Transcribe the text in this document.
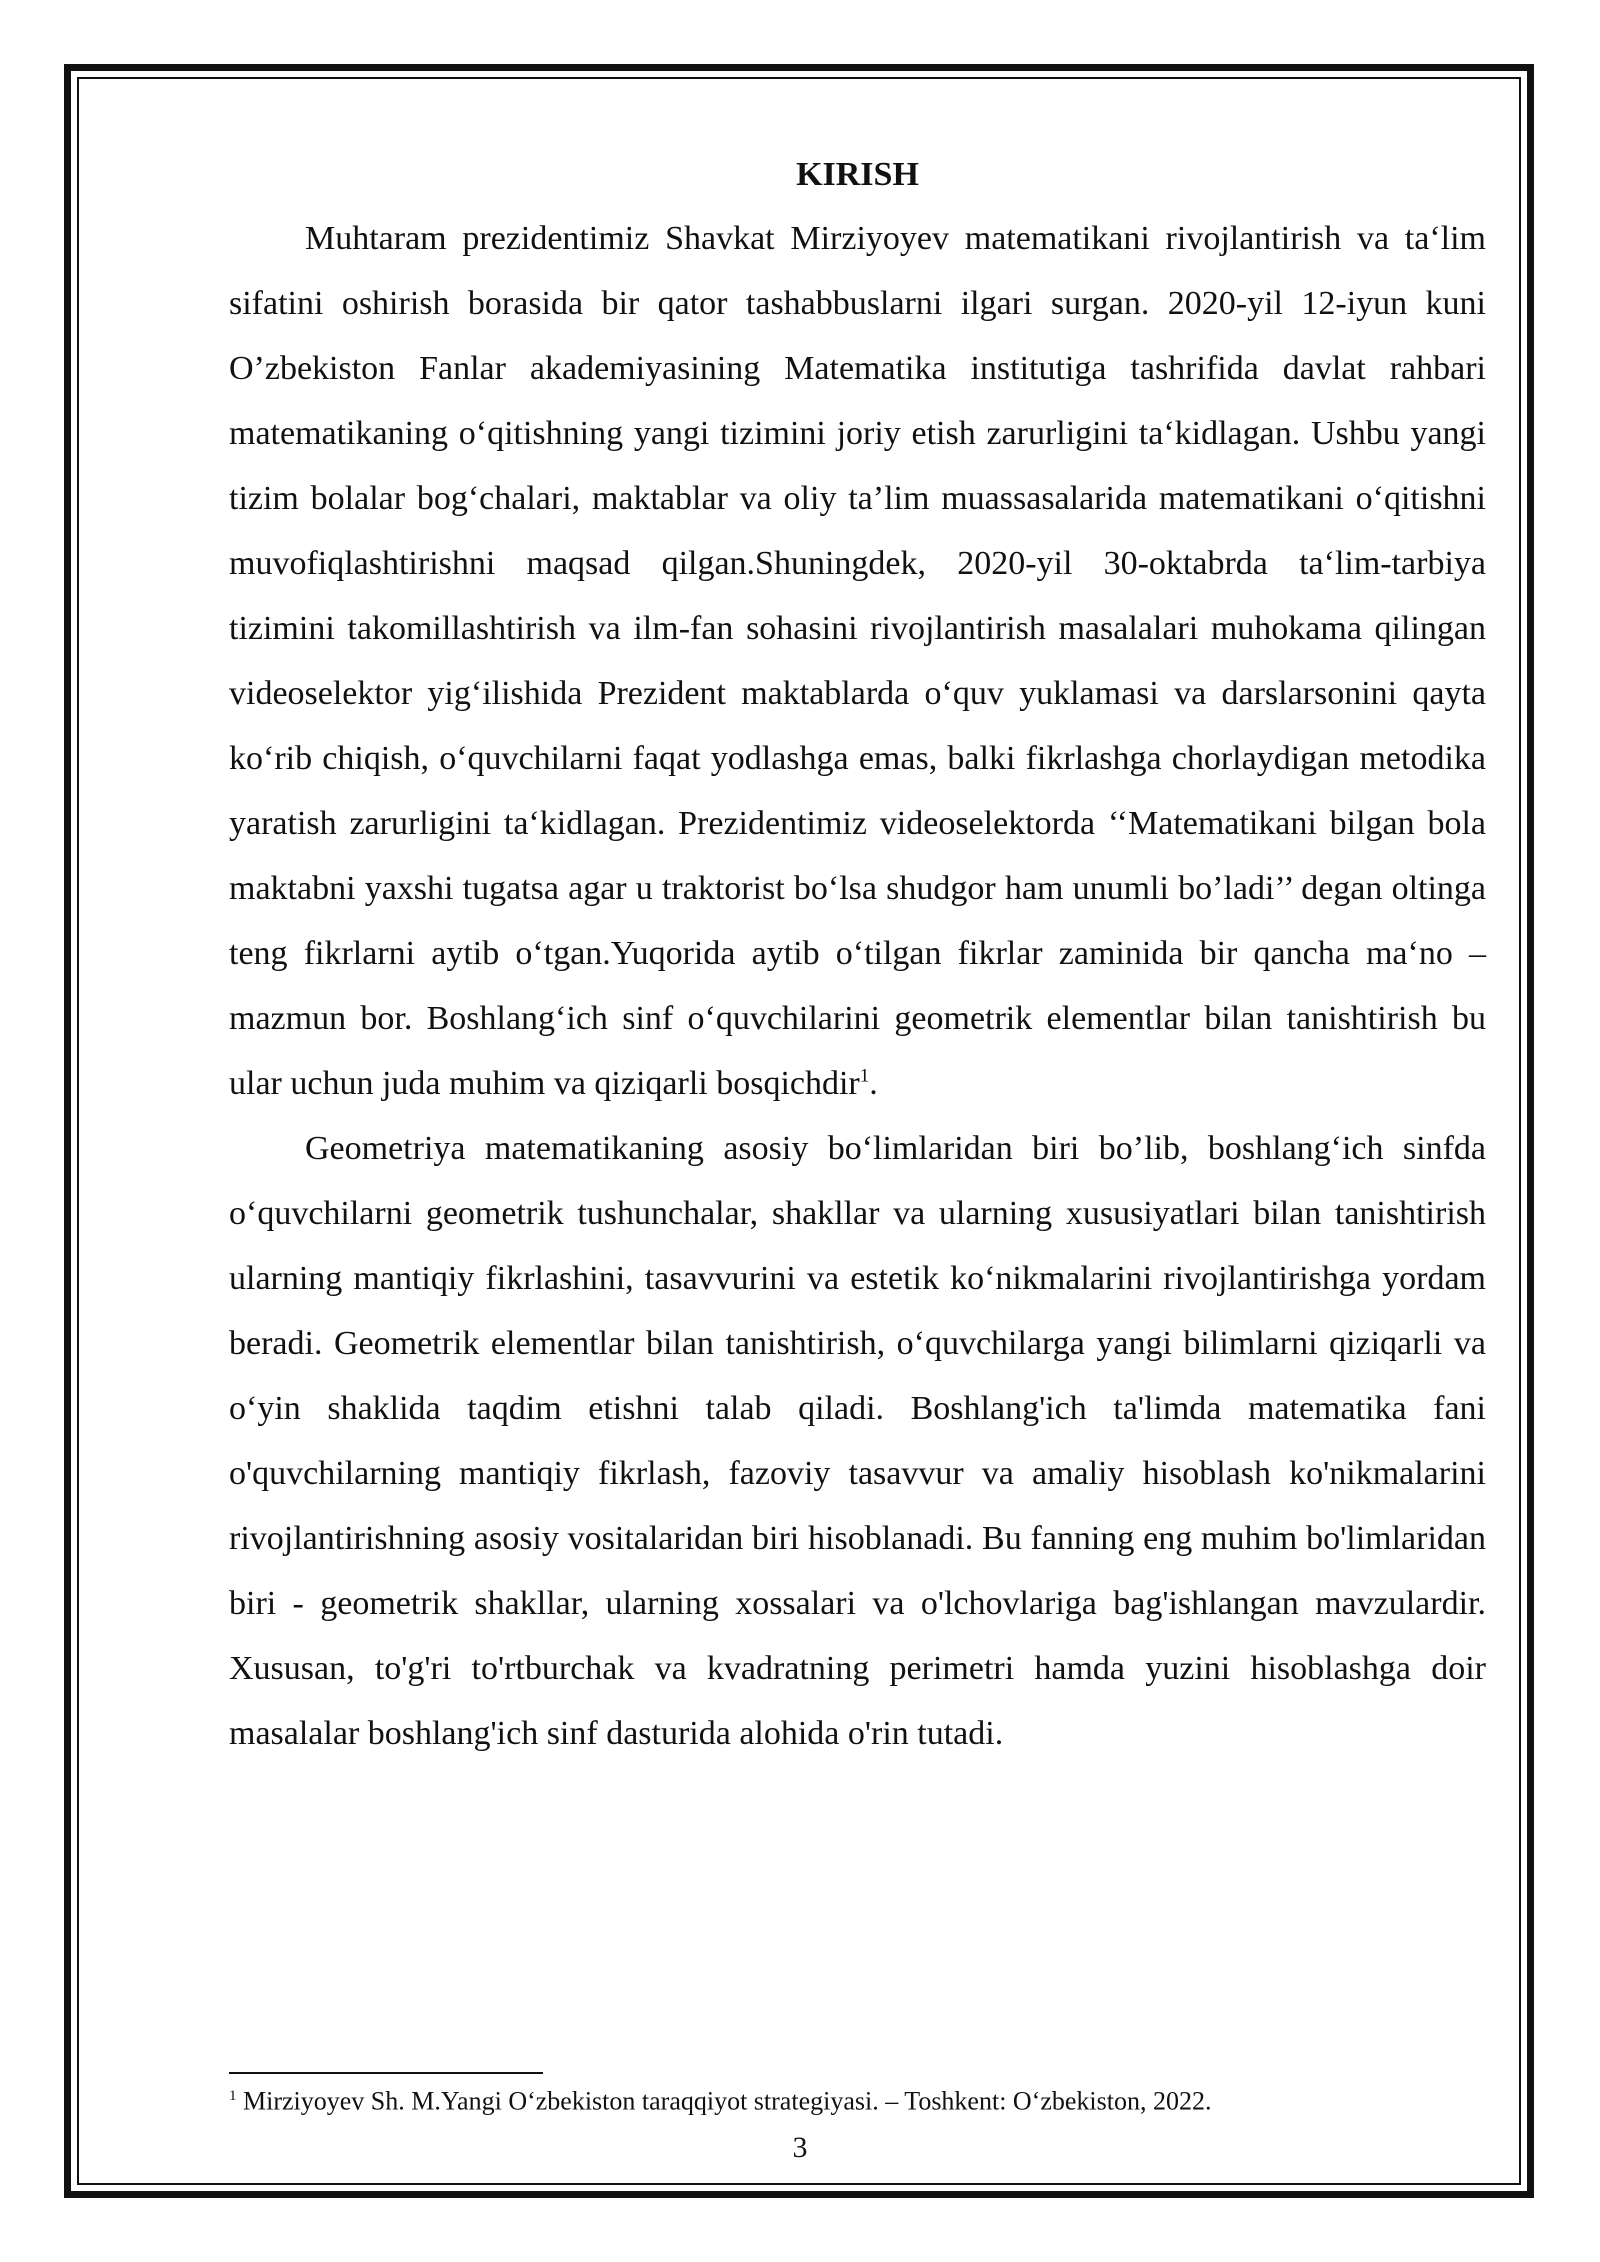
KIRISH

Muhtaram prezidentimiz Shavkat Mirziyoyev matematikani rivojlantirish va ta‘lim sifatini oshirish borasida bir qator tashabbuslarni ilgari surgan. 2020-yil 12-iyun kuni O’zbekiston Fanlar akademiyasining Matematika institutiga tashrifida davlat rahbari matematikaning o‘qitishning yangi tizimini joriy etish zarurligini ta‘kidlagan. Ushbu yangi tizim bolalar bog‘chalari, maktablar va oliy ta’lim muassasalarida matematikani o‘qitishni muvofiqlashtirishni maqsad qilgan.Shuningdek, 2020-yil 30-oktabrda ta‘lim-tarbiya tizimini takomillashtirish va ilm-fan sohasini rivojlantirish masalalari muhokama qilingan videoselektor yig‘ilishida Prezident maktablarda o‘quv yuklamasi va darslarsonini qayta ko‘rib chiqish, o‘quvchilarni faqat yodlashga emas, balki fikrlashga chorlaydigan metodika yaratish zarurligini ta‘kidlagan. Prezidentimiz videoselektorda ‘‘Matematikani bilgan bola maktabni yaxshi tugatsa agar u traktorist bo‘lsa shudgor ham unumli bo’ladi’’ degan oltinga teng fikrlarni aytib o‘tgan.Yuqorida aytib o‘tilgan fikrlar zaminida bir qancha ma‘no –mazmun bor. Boshlang‘ich sinf o‘quvchilarini geometrik elementlar bilan tanishtirish bu ular uchun juda muhim va qiziqarli bosqichdir$^1$.

Geometriya matematikaning asosiy bo‘limlaridan biri bo’lib, boshlang‘ich sinfda o‘quvchilarni geometrik tushunchalar, shakllar va ularning xususiyatlari bilan tanishtirish ularning mantiqiy fikrlashini, tasavvurini va estetik ko‘nikmalarini rivojlantirishga yordam beradi. Geometrik elementlar bilan tanishtirish, o‘quvchilarga yangi bilimlarni qiziqarli va o‘yin shaklida taqdim etishni talab qiladi. Boshlang'ich ta'limda matematika fani o'quvchilarning mantiqiy fikrlash, fazoviy tasavvur va amaliy hisoblash ko'nikmalarini rivojlantirishning asosiy vositalaridan biri hisoblanadi. Bu fanning eng muhim bo'limlaridan biri - geometrik shakllar, ularning xossalari va o'lchovlariga bag'ishlangan mavzulardir. Xususan, to'g'ri to'rtburchak va kvadratning perimetri hamda yuzini hisoblashga doir masalalar boshlang'ich sinf dasturida alohida o'rin tutadi.

$^1$ Mirziyoyev Sh. M.Yangi O‘zbekiston taraqqiyot strategiyasi. – Toshkent: O‘zbekiston, 2022.
3
